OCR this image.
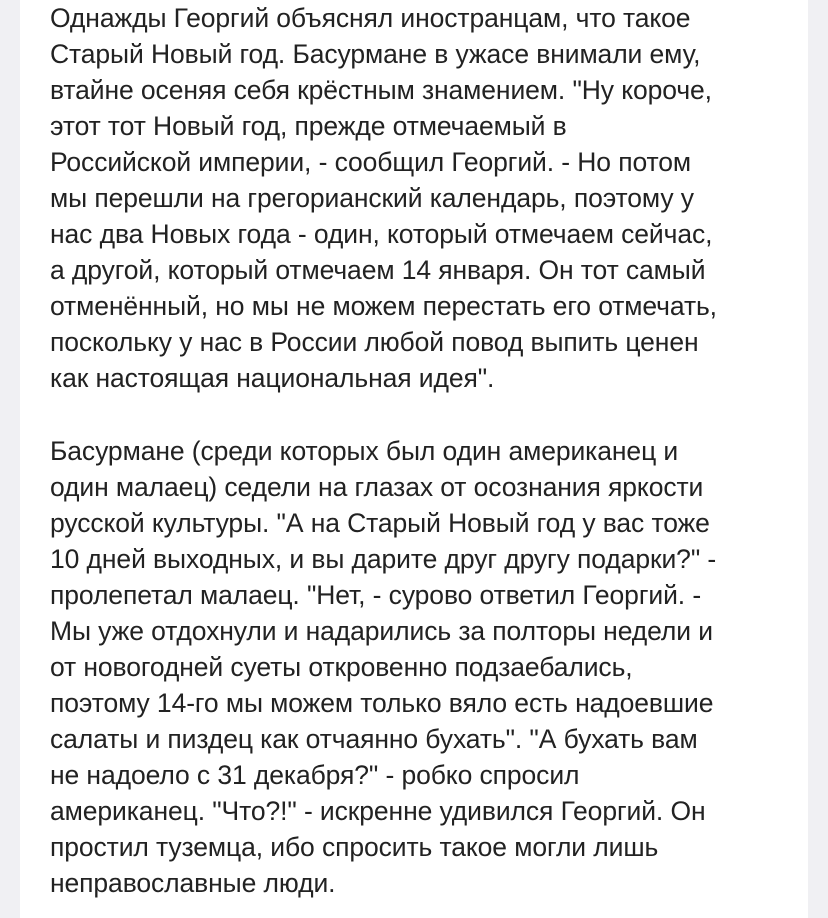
Однажды Георгий объяснял иностранцам, что такое
Старый Новый год. Басурмане в ужасе внимали ему,
втайне осеняя себя крёстным знамением. "Ну короче,
этот тот Новый год, прежде отмечаемый в
Российской империи, - сообщил Георгий. - Но потом
мы перешли на грегорианский календарь, поэтому у
нас два Новых года - один, который отмечаем сейчас,
а другой, который отмечаем 14 января. Он тот самый
отменённый, но мы не можем перестать его отмечать,
поскольку у нас в России любой повод выпить ценен
как настоящая национальная идея".

Басурмане (среди которых был один американец и
один малаец) седели на глазах от осознания яркости
русской культуры. "А на Старый Новый год у вас тоже
10 дней выходных, и вы дарите друг другу подарки?" -
пролепетал малаец. "Нет, - сурово ответил Георгий. -
Мы уже отдохнули и надарились за полторы недели и
от новогодней суеты откровенно подзаебались,
поэтому 14-го мы можем только вяло есть надоевшие
салаты и пиздец как отчаянно бухать". "А бухать вам
не надоело с 31 декабря?" - робко спросил
американец. "Что?!" - искренне удивился Георгий. Он
простил туземца, ибо спросить такое могли лишь
неправославные люди.
